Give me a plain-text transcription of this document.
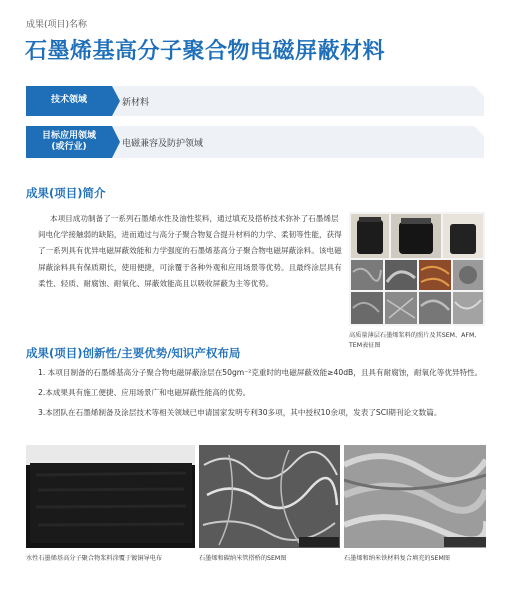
成果(项目)名称
石墨烯基高分子聚合物电磁屏蔽材料
技术领域	新材料
目标应用领域
(或行业)	电磁兼容及防护领域
成果(项目)简介
本项目成功制备了一系列石墨烯水性及油性浆料，通过填充及搭桥技术弥补了石墨烯层间电化学接触弱的缺陷，进而通过与高分子聚合物复合提升材料的力学、柔韧等性能，获得了一系列具有优异电磁屏蔽效能和力学强度的石墨烯基高分子聚合物电磁屏蔽涂料。该电磁屏蔽涂料具有保质期长，使用便捷，可涂覆于各种外观和应用场景等优势。且最终涂层具有柔性、轻质、耐腐蚀、耐氧化、屏蔽效能高且以吸收屏蔽为主等优势。
高质量薄层石墨烯浆料的照片及其SEM、AFM、TEM表征图
成果(项目)创新性/主要优势/知识产权布局
1. 本项目制备的石墨烯基高分子聚合物电磁屏蔽涂层在50gm⁻²克重时的电磁屏蔽效能≥40dB，且具有耐腐蚀，耐氧化等优异特性。
2.本成果具有施工便捷、应用场景广和电磁屏蔽性能高的优势。
3.本团队在石墨烯制备及涂层技术等相关领域已申请国家发明专利30多项，其中授权10余项，发表了SCI期刊论文数篇。
水性石墨烯基高分子聚合物浆料涂覆于镀铜导电布	石墨烯和碳纳米管搭桥的SEM图	石墨烯和纳米铁材料复合填充的SEM图
